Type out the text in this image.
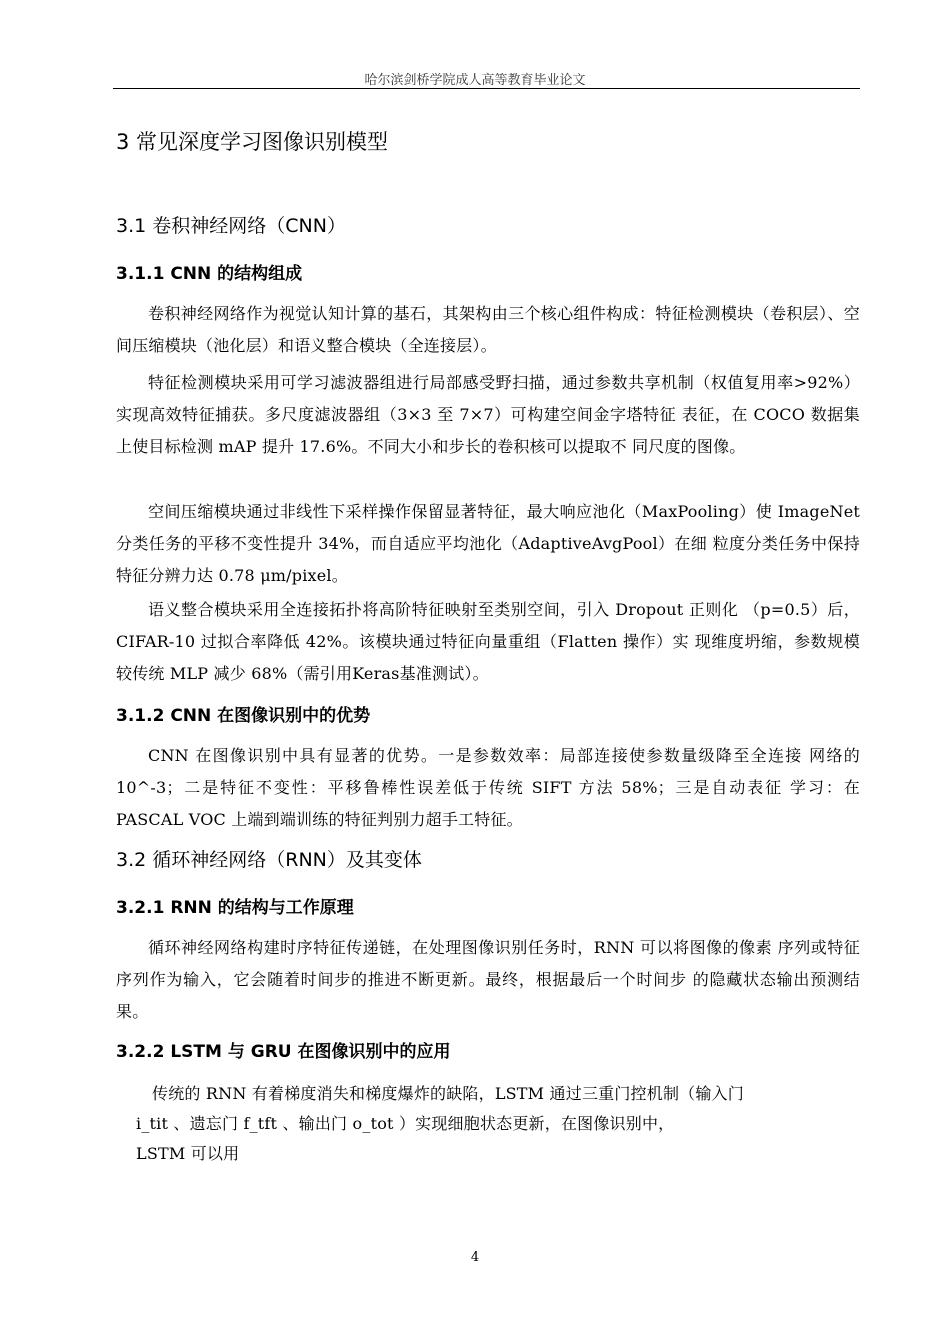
哈尔滨剑桥学院成人高等教育毕业论文
3 常见深度学习图像识别模型
3.1 卷积神经网络（CNN）
3.1.1 CNN 的结构组成

卷积神经网络作为视觉认知计算的基石，其架构由三个核心组件构成：特征检测模块（卷积层）、空间压缩模块（池化层）和语义整合模块（全连接层）。

特征检测模块采用可学习滤波器组进行局部感受野扫描，通过参数共享机制（权值复用率>92%）实现高效特征捕获。多尺度滤波器组（3×3 至 7×7）可构建空间金字塔特征 表征，在 COCO 数据集上使目标检测 mAP 提升 17.6%。不同大小和步长的卷积核可以提取不 同尺度的图像。

空间压缩模块通过非线性下采样操作保留显著特征，最大响应池化（MaxPooling）使 ImageNet 分类任务的平移不变性提升 34%，而自适应平均池化（AdaptiveAvgPool）在细 粒度分类任务中保持特征分辨力达 0.78 μm/pixel。

语义整合模块采用全连接拓扑将高阶特征映射至类别空间，引入 Dropout 正则化 （p=0.5）后，CIFAR-10 过拟合率降低 42%。该模块通过特征向量重组（Flatten 操作）实 现维度坍缩，参数规模较传统 MLP 减少 68%（需引用Keras基准测试）。

3.1.2 CNN 在图像识别中的优势

CNN 在图像识别中具有显著的优势。一是参数效率：局部连接使参数量级降至全连接 网络的 10^-3；二是特征不变性：平移鲁棒性误差低于传统 SIFT 方法 58%；三是自动表征 学习：在 PASCAL VOC 上端到端训练的特征判别力超手工特征。

3.2 循环神经网络（RNN）及其变体
3.2.1 RNN 的结构与工作原理

循环神经网络构建时序特征传递链，在处理图像识别任务时，RNN 可以将图像的像素 序列或特征序列作为输入，它会随着时间步的推进不断更新。最终，根据最后一个时间步 的隐藏状态输出预测结果。

3.2.2 LSTM 与 GRU 在图像识别中的应用

传统的 RNN 有着梯度消失和梯度爆炸的缺陷，LSTM 通过三重门控机制（输入门

i_tit 、遗忘门 f_tft 、输出门 o_tot ）实现细胞状态更新，在图像识别中，

LSTM 可以用

4
